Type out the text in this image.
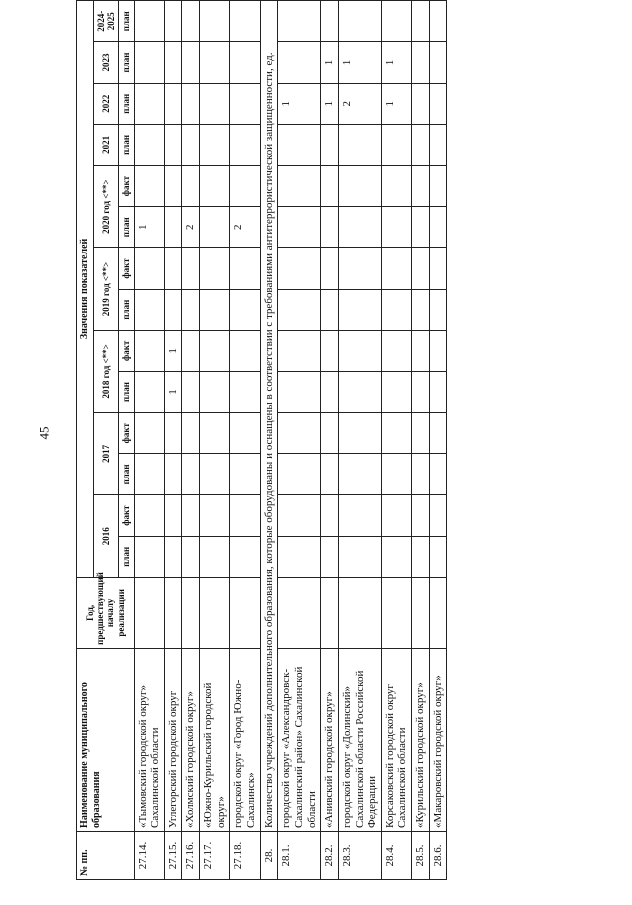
45
№ пп.	Наименование муниципального образования	Год, предшествующий началу реализации	Значения показателей													
			2016		2017		2018 год <**>		2019 год <**>		2020 год <**>		2021	2022	2023	2024-2025
			план	факт	план	факт	план	факт	план	факт	план	факт	план	план	план	план
27.14.	«Тымовский городской округ» Сахалинской области										1					
27.15.	Углегорский городской округ						1	1								
27.16.	«Холмский городской округ»										2					
27.17.	«Южно-Курильский городской округ»															
27.18.	городской округ «Город Южно-Сахалинск»										2					
28.	Количество учреждений дополнительного образования, которые оборудованы и оснащены в соответствии с требованиями антитеррористической защищенности, ед.															
28.1.	городской округ «Александровск-Сахалинский район» Сахалинской области													1		
28.2.	«Анивский городской округ»													1	1	
28.3.	городской округ «Долинский» Сахалинской области Российской Федерации													2	1	
28.4.	Корсаковский городской округ Сахалинской области													1	1	
28.5.	«Курильский городской округ»															
28.6.	«Макаровский городской округ»															
